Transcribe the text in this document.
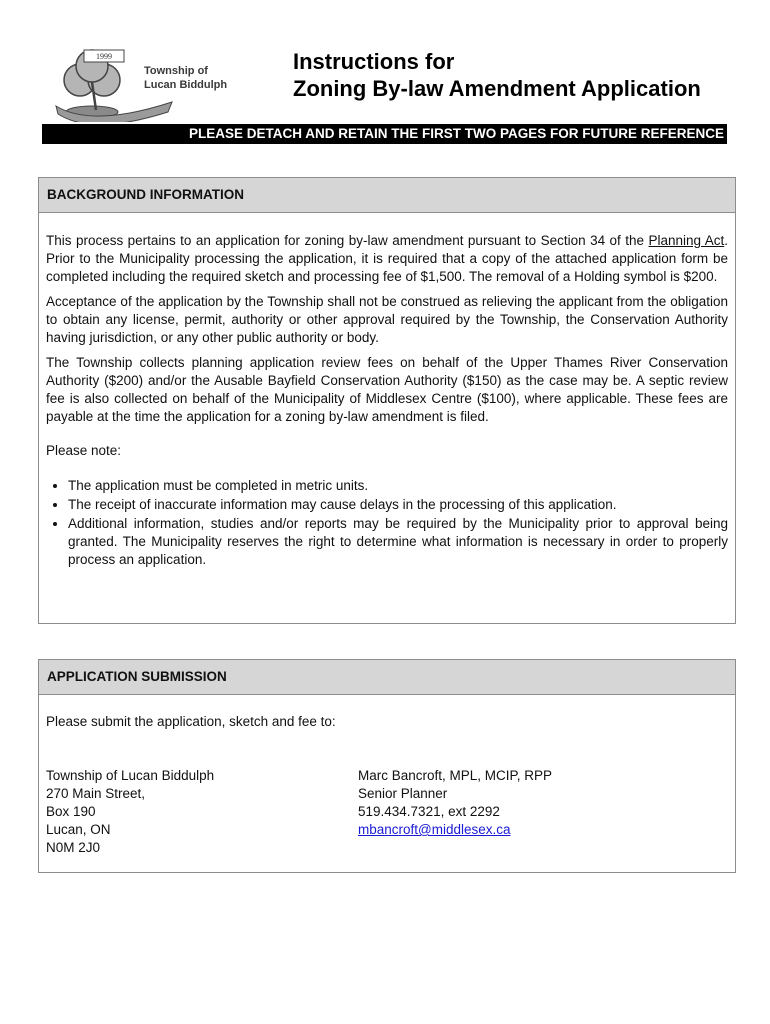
1999
Township of
Lucan Biddulph
Instructions for
Zoning By-law Amendment Application
PLEASE DETACH AND RETAIN THE FIRST TWO PAGES FOR FUTURE REFERENCE
BACKGROUND INFORMATION

This process pertains to an application for zoning by-law amendment pursuant to Section 34 of the Planning Act. Prior to the Municipality processing the application, it is required that a copy of the attached application form be completed including the required sketch and processing fee of $1,500. The removal of a Holding symbol is $200.

Acceptance of the application by the Township shall not be construed as relieving the applicant from the obligation to obtain any license, permit, authority or other approval required by the Township, the Conservation Authority having jurisdiction, or any other public authority or body.

The Township collects planning application review fees on behalf of the Upper Thames River Conservation Authority ($200) and/or the Ausable Bayfield Conservation Authority ($150) as the case may be. A septic review fee is also collected on behalf of the Municipality of Middlesex Centre ($100), where applicable. These fees are payable at the time the application for a zoning by-law amendment is filed.

Please note:

• The application must be completed in metric units.
• The receipt of inaccurate information may cause delays in the processing of this application.
• Additional information, studies and/or reports may be required by the Municipality prior to approval being granted. The Municipality reserves the right to determine what information is necessary in order to properly process an application.
APPLICATION SUBMISSION
Please submit the application, sketch and fee to:
Township of Lucan Biddulph
270 Main Street,
Box 190
Lucan, ON
N0M 2J0
Marc Bancroft, MPL, MCIP, RPP
Senior Planner
519.434.7321, ext 2292
mbancroft@middlesex.ca
